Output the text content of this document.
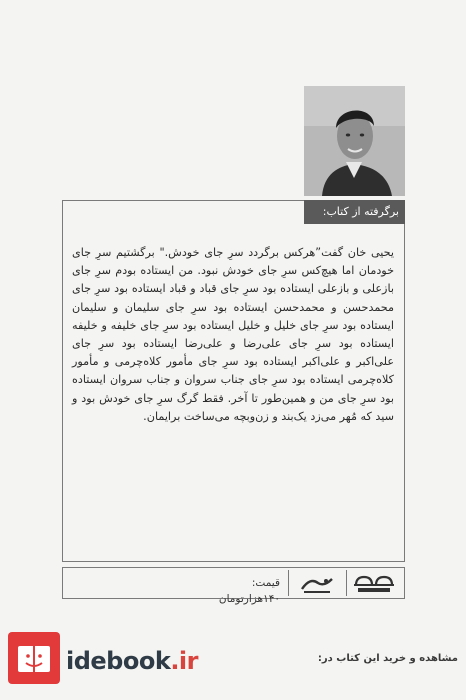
برگرفته از کتاب:

یحیی خان گفت”هرکس برگردد سرِ جای خودش." برگشتیم سرِ جای خودمان اما هیچ‌کس سرِ جای خودش نبود. من ایستاده بودم سرِ جای بازعلی و بازعلی ایستاده بود سرِ جای قباد و قباد ایستاده بود سرِ جای محمدحسن و محمدحسن ایستاده بود سرِ جای سلیمان و سلیمان ایستاده بود سرِ جای خلیل و خلیل ایستاده بود سرِ جای خلیفه و خلیفه ایستاده بود سرِ جای علی‌رضا و علی‌رضا ایستاده بود سرِ جای علی‌اکبر و علی‌اکبر ایستاده بود سرِ جای مأمور کلاه‌چرمی و مأمور کلاه‌چرمی ایستاده بود سرِ جای جناب سروان و جناب سروان ایستاده بود سرِ جای من و همین‌طور تا آخر. فقط گرگ سرِ جای خودش بود و سید که مُهر می‌زد یک‌بند و زن‌وبچه می‌ساخت برایمان.

قیمت: ۱۴۰هزارتومان
idebook.ir	مشاهده و خرید این کتاب در:
